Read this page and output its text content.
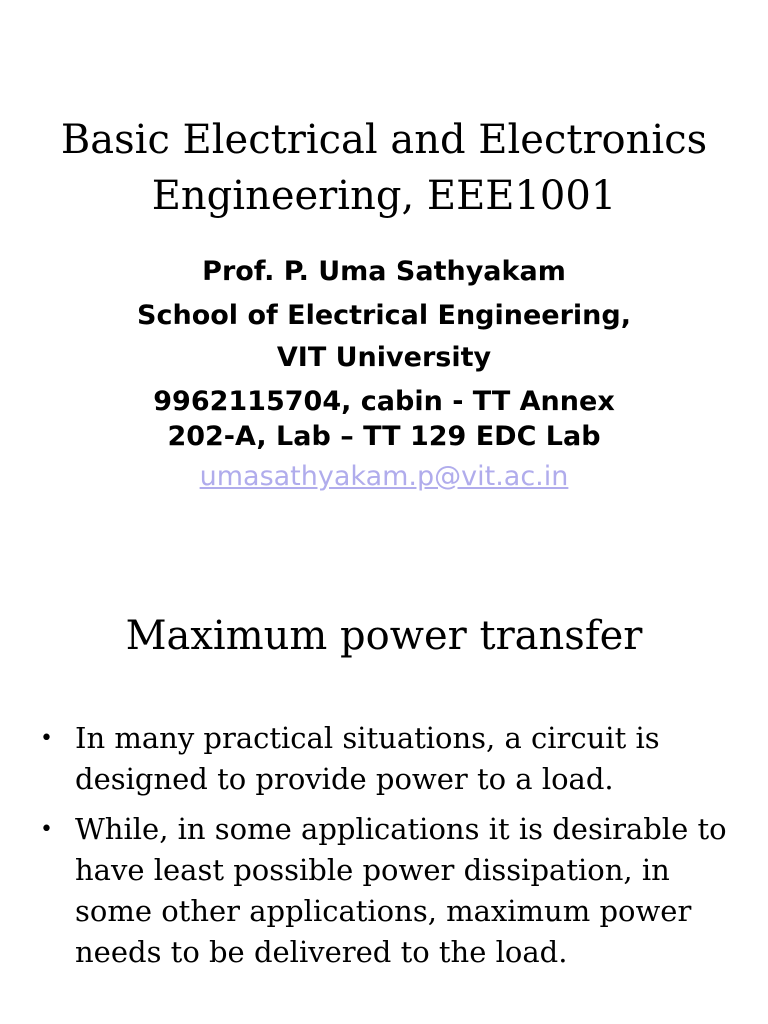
Basic Electrical and Electronics
Engineering, EEE1001
Prof. P. Uma Sathyakam
School of Electrical Engineering,
VIT University
9962115704, cabin - TT Annex
202-A, Lab – TT 129 EDC Lab
umasathyakam.p@vit.ac.in
Maximum power transfer
• In many practical situations, a circuit is designed to provide power to a load.
• While, in some applications it is desirable to have least possible power dissipation, in some other applications, maximum power needs to be delivered to the load.
